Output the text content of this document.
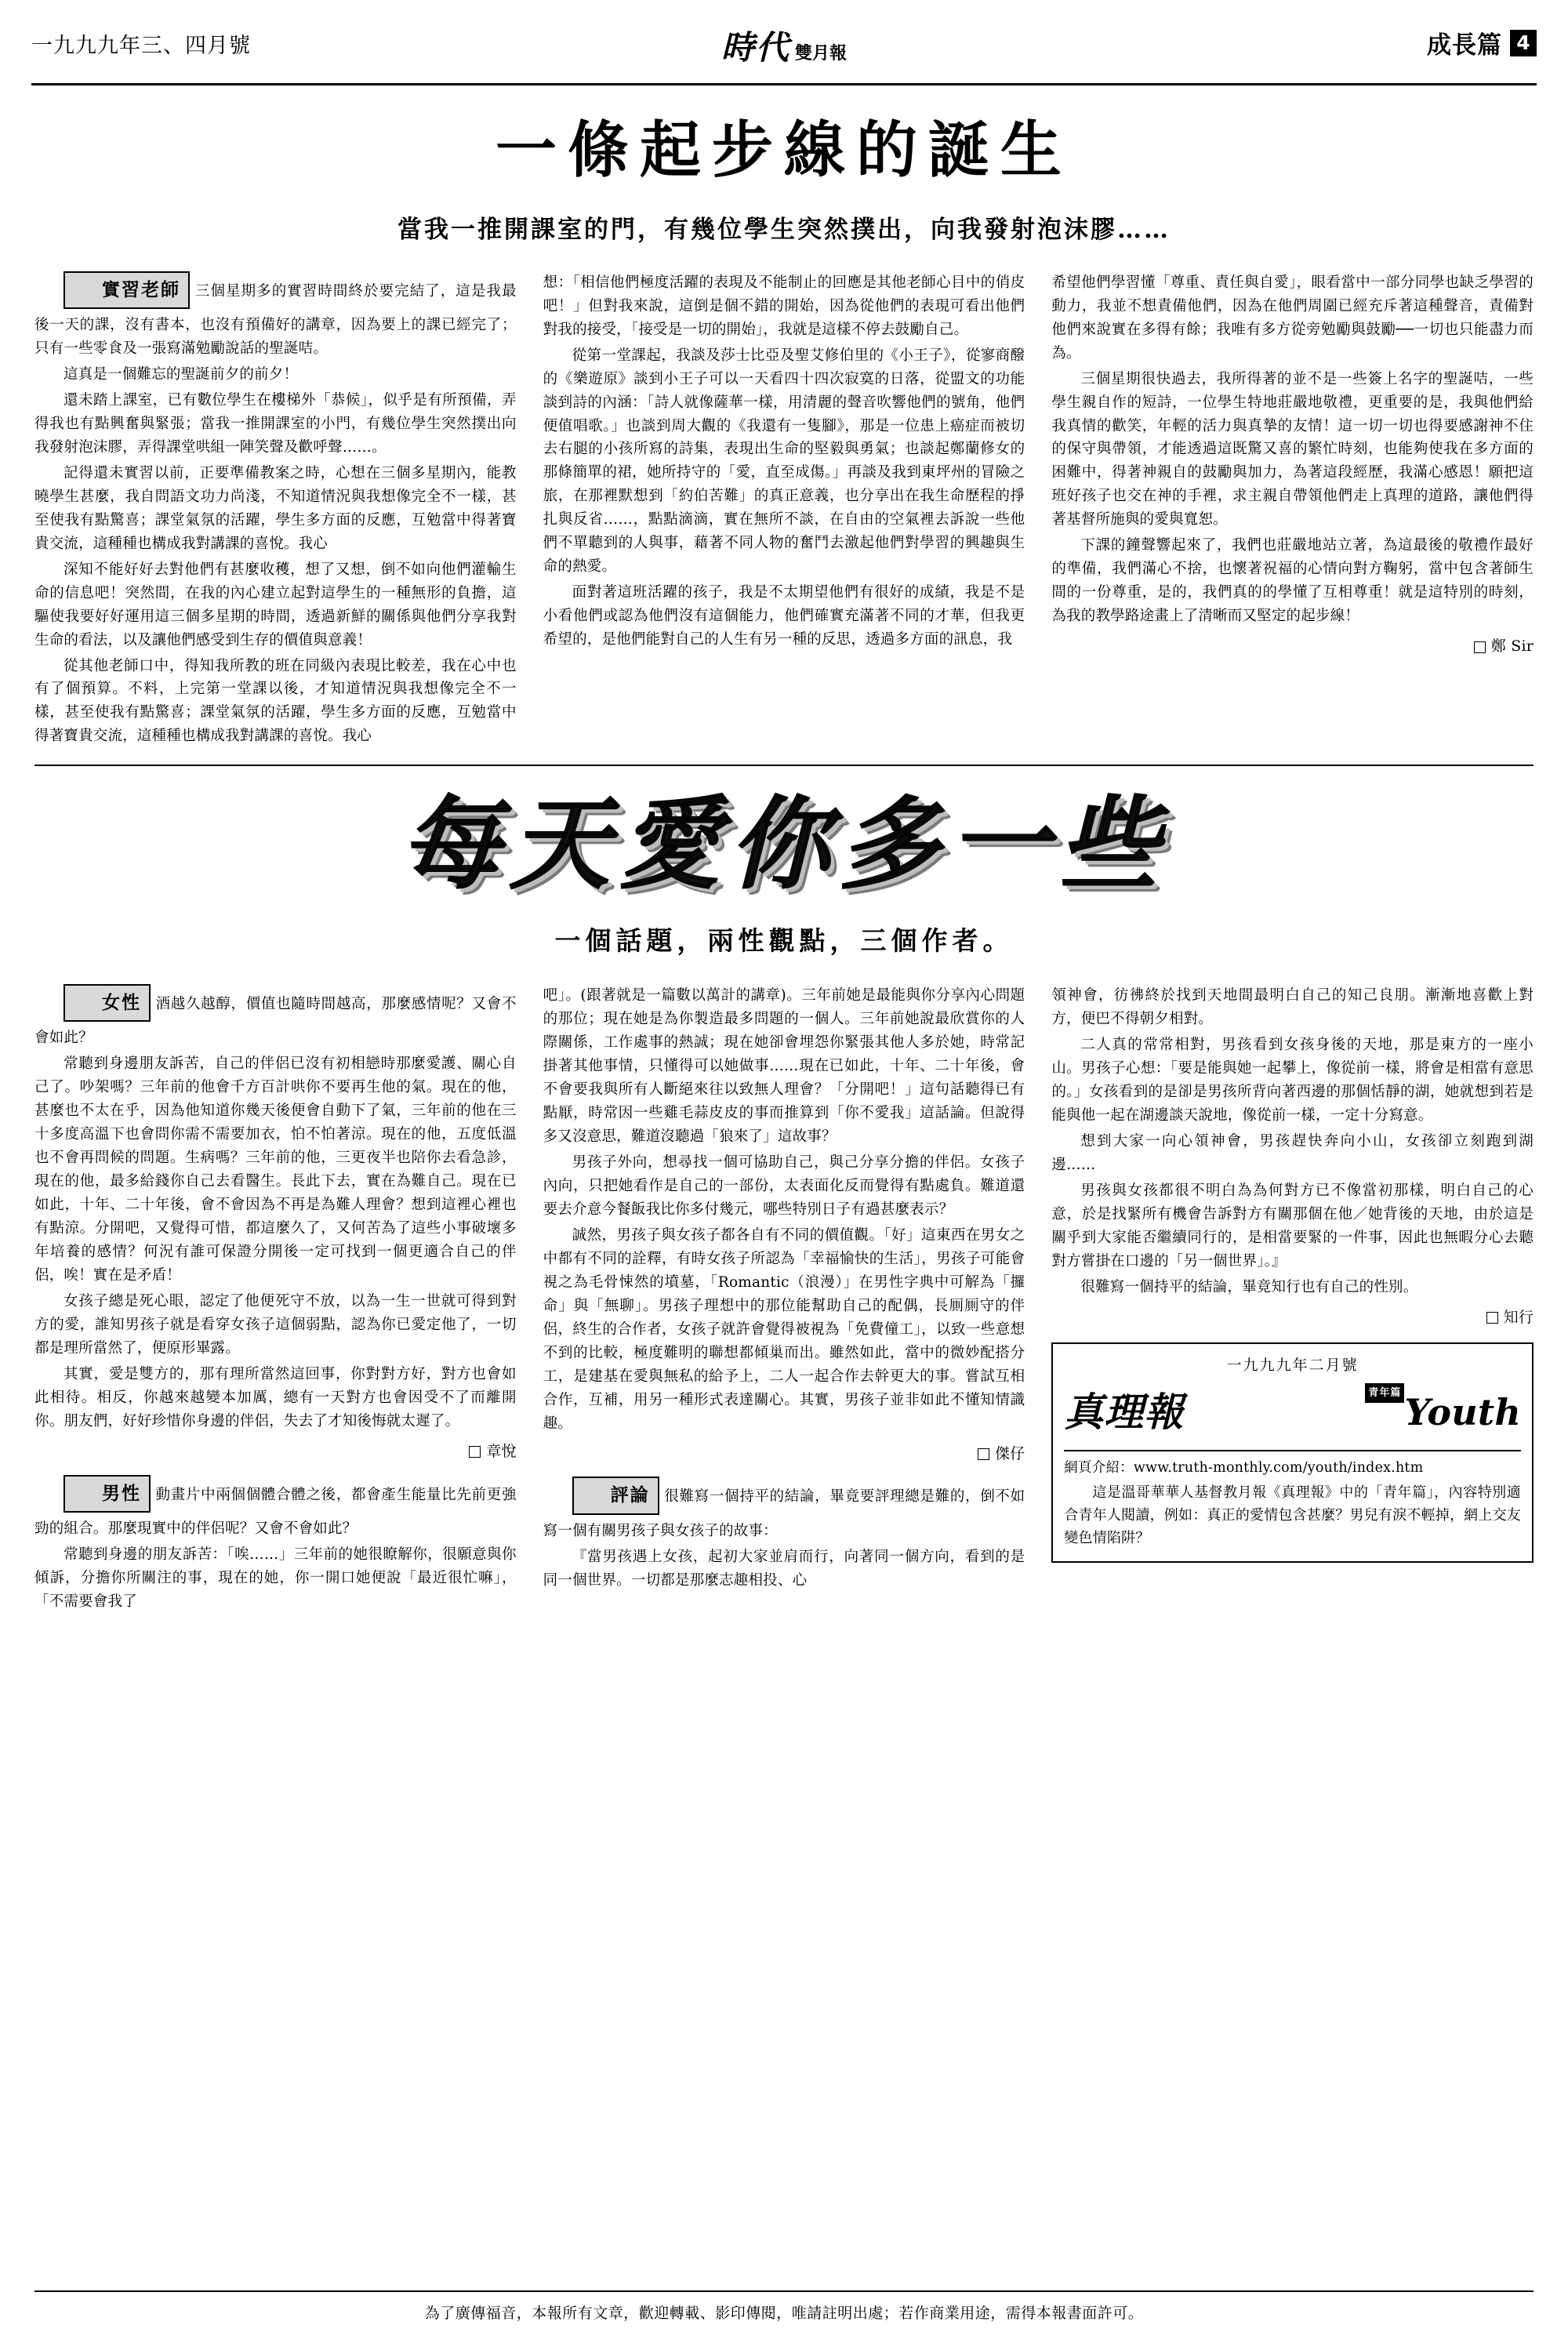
一九九九年三、四月號	時代 雙月報	成長篇 4
一條起步線的誕生
當我一推開課室的門，有幾位學生突然撲出，向我發射泡沫膠……

實習老師 三個星期多的實習時間終於要完結了，這是我最後一天的課，沒有書本，也沒有預備好的講章，因為要上的課已經完了；只有一些零食及一張寫滿勉勵說話的聖誕咭。

這真是一個難忘的聖誕前夕的前夕！

還未踏上課室，已有數位學生在樓梯外「恭候」，似乎是有所預備，弄得我也有點興奮與緊張；當我一推開課室的小門，有幾位學生突然撲出向我發射泡沫膠，弄得課堂哄組一陣笑聲及歡呼聲……。

記得還未實習以前，正要準備教案之時，心想在三個多星期內，能教曉學生甚麼，我自問語文功力尚淺，不知道情況與我想像完全不一樣，甚至使我有點驚喜；課堂氣氛的活躍，學生多方面的反應，互勉當中得著寶貴交流，這種種也構成我對講課的喜悅。我心

深知不能好好去對他們有甚麼收穫，想了又想，倒不如向他們灌輸生命的信息吧！突然間，在我的內心建立起對這學生的一種無形的負擔，這驅使我要好好運用這三個多星期的時間，透過新鮮的關係與他們分享我對生命的看法，以及讓他們感受到生存的價值與意義！

從其他老師口中，得知我所教的班在同級內表現比較差，我在心中也有了個預算。不料，上完第一堂課以後，才知道情況與我想像完全不一樣，甚至使我有點驚喜；課堂氣氛的活躍，學生多方面的反應，互勉當中得著寶貴交流，這種種也構成我對講課的喜悅。我心

想：「相信他們極度活躍的表現及不能制止的回應是其他老師心目中的俏皮吧！」但對我來說，這倒是個不錯的開始，因為從他們的表現可看出他們對我的接受，「接受是一切的開始」，我就是這樣不停去鼓勵自己。

從第一堂課起，我談及莎士比亞及聖艾修伯里的《小王子》，從寥商醱的《樂遊原》談到小王子可以一天看四十四次寂寞的日落，從盟文的功能談到詩的內涵：「詩人就像薩華一樣，用清麗的聲音吹響他們的號角，他們便值唱歌。」也談到周大觀的《我還有一隻腳》，那是一位患上癌症而被切去右腿的小孩所寫的詩集，表現出生命的堅毅與勇氣；也談起鄭蘭修女的那條簡單的裙，她所持守的「愛，直至成傷。」再談及我到東坪州的冒險之旅，在那裡默想到「約伯苦難」的真正意義，也分享出在我生命歷程的掙扎與反省……，點點滴滴，實在無所不談，在自由的空氣裡去訴說一些他們不單聽到的人與事，藉著不同人物的奮鬥去激起他們對學習的興趣與生命的熱愛。

面對著這班活躍的孩子，我是不太期望他們有很好的成績，我是不是小看他們或認為他們沒有這個能力，他們確實充滿著不同的才華，但我更希望的，是他們能對自己的人生有另一種的反思，透過多方面的訊息，我

希望他們學習懂「尊重、責任與自愛」，眼看當中一部分同學也缺乏學習的動力，我並不想責備他們，因為在他們周圍已經充斥著這種聲音，責備對他們來說實在多得有餘；我唯有多方從旁勉勵與鼓勵──一切也只能盡力而為。

三個星期很快過去，我所得著的並不是一些簽上名字的聖誕咭，一些學生親自作的短詩，一位學生特地莊嚴地敬禮，更重要的是，我與他們給我真情的歡笑，年輕的活力與真摯的友情！這一切一切也得要感謝神不住的保守與帶領，才能透過這既驚又喜的繁忙時刻，也能夠使我在多方面的困難中，得著神親自的鼓勵與加力，為著這段經歷，我滿心感恩！願把這班好孩子也交在神的手裡，求主親自帶領他們走上真理的道路，讓他們得著基督所施與的愛與寬恕。

下課的鐘聲響起來了，我們也莊嚴地站立著，為這最後的敬禮作最好的準備，我們滿心不捨，也懷著祝福的心情向對方鞠躬，當中包含著師生間的一份尊重，是的，我們真的的學懂了互相尊重！就是這特別的時刻，為我的教學路途畫上了清晰而又堅定的起步線！

鄭 Sir
每天愛你多一些
一個話題，兩性觀點，三個作者。

女性 酒越久越醇，價值也隨時間越高，那麼感情呢？又會不會如此？

常聽到身邊朋友訴苦，自己的伴侶已沒有初相戀時那麼愛護、關心自己了。吵架嗎？三年前的他會千方百計哄你不要再生他的氣。現在的他，甚麼也不太在乎，因為他知道你幾天後便會自動下了氣，三年前的他在三十多度高溫下也會問你需不需要加衣，怕不怕著涼。現在的他，五度低溫也不會再問候的問題。生病嗎？三年前的他，三更夜半也陪你去看急診，現在的他，最多給錢你自己去看醫生。長此下去，實在為難自己。現在已如此，十年、二十年後，會不會因為不再是為難人理會？想到這裡心裡也有點涼。分開吧，又覺得可惜，都這麼久了，又何苦為了這些小事破壞多年培養的感情？何況有誰可保證分開後一定可找到一個更適合自己的伴侶，唉！實在是矛盾！

女孩子總是死心眼，認定了他便死守不放，以為一生一世就可得到對方的愛，誰知男孩子就是看穿女孩子這個弱點，認為你已愛定他了，一切都是理所當然了，便原形畢露。

其實，愛是雙方的，那有理所當然這回事，你對對方好，對方也會如此相待。相反，你越來越變本加厲，總有一天對方也會因受不了而離開你。朋友們，好好珍惜你身邊的伴侶，失去了才知後悔就太遲了。

章悅

男性 動畫片中兩個個體合體之後，都會產生能量比先前更強勁的組合。那麼現實中的伴侶呢？又會不會如此？

常聽到身邊的朋友訴苦：「唉……」三年前的她很瞭解你，很願意與你傾訴，分擔你所關注的事，現在的她，你一開口她便說「最近很忙嘛」，「不需要會我了

吧」。(跟著就是一篇數以萬計的講章)。三年前她是最能與你分享內心問題的那位；現在她是為你製造最多問題的一個人。三年前她說最欣賞你的人際關係，工作處事的熱誠；現在她卻會埋怨你緊張其他人多於她，時常記掛著其他事情，只懂得可以她做事……現在已如此，十年、二十年後，會不會要我與所有人斷絕來往以致無人理會？「分開吧！」這句話聽得已有點厭，時常因一些雞毛蒜皮皮的事而推算到「你不愛我」這話論。但說得多又沒意思，難道沒聽過「狼來了」這故事？

男孩子外向，想尋找一個可協助自己，與己分享分擔的伴侶。女孩子內向，只把她看作是自己的一部份，太表面化反而覺得有點處負。難道還要去介意今餐飯我比你多付幾元，哪些特別日子有過甚麼表示？

誠然，男孩子與女孩子都各自有不同的價值觀。「好」這東西在男女之中都有不同的詮釋，有時女孩子所認為「幸福愉快的生活」，男孩子可能會視之為毛骨悚然的墳墓，「Romantic（浪漫）」在男性字典中可解為「攞命」與「無聊」。男孩子理想中的那位能幫助自己的配偶，長厠厠守的伴侶，終生的合作者，女孩子就許會覺得被視為「免費僮工」，以致一些意想不到的比較，極度難明的聯想都傾巢而出。雖然如此，當中的微妙配搭分工，是建基在愛與無私的給予上，二人一起合作去幹更大的事。嘗試互相合作，互補，用另一種形式表達關心。其實，男孩子並非如此不懂知情識趣。

傑仔

評論 很難寫一個持平的結論，畢竟要評理總是難的，倒不如寫一個有關男孩子與女孩子的故事：

『當男孩遇上女孩，起初大家並肩而行，向著同一個方向，看到的是同一個世界。一切都是那麼志趣相投、心

領神會，彷彿終於找到天地間最明白自己的知己良朋。漸漸地喜歡上對方，便巴不得朝夕相對。

二人真的常常相對，男孩看到女孩身後的天地，那是東方的一座小山。男孩子心想：「要是能與她一起攀上，像從前一樣，將會是相當有意思的。」女孩看到的是卻是男孩所背向著西邊的那個恬靜的湖，她就想到若是能與他一起在湖邊談天說地，像從前一樣，一定十分寫意。

想到大家一向心領神會，男孩趕快奔向小山，女孩卻立刻跑到湖邊……

男孩與女孩都很不明白為為何對方已不像當初那樣，明白自己的心意，於是找緊所有機會告訴對方有關那個在他／她背後的天地，由於這是關乎到大家能否繼續同行的，是相當要緊的一件事，因此也無暇分心去聽對方嘗掛在口邊的「另一個世界」。』

很難寫一個持平的結論，畢竟知行也有自己的性別。

知行
一九九九年二月號
真理報	青年篇Youth
網頁介紹：www.truth-monthly.com/youth/index.htm
這是溫哥華華人基督教月報《真理報》中的「青年篇」，內容特別適合青年人閱讀，例如：真正的愛情包含甚麼？男兒有淚不輕掉，網上交友變色情陷阱？
為了廣傳福音，本報所有文章，歡迎轉載、影印傳閱，唯請註明出處；若作商業用途，需得本報書面許可。
